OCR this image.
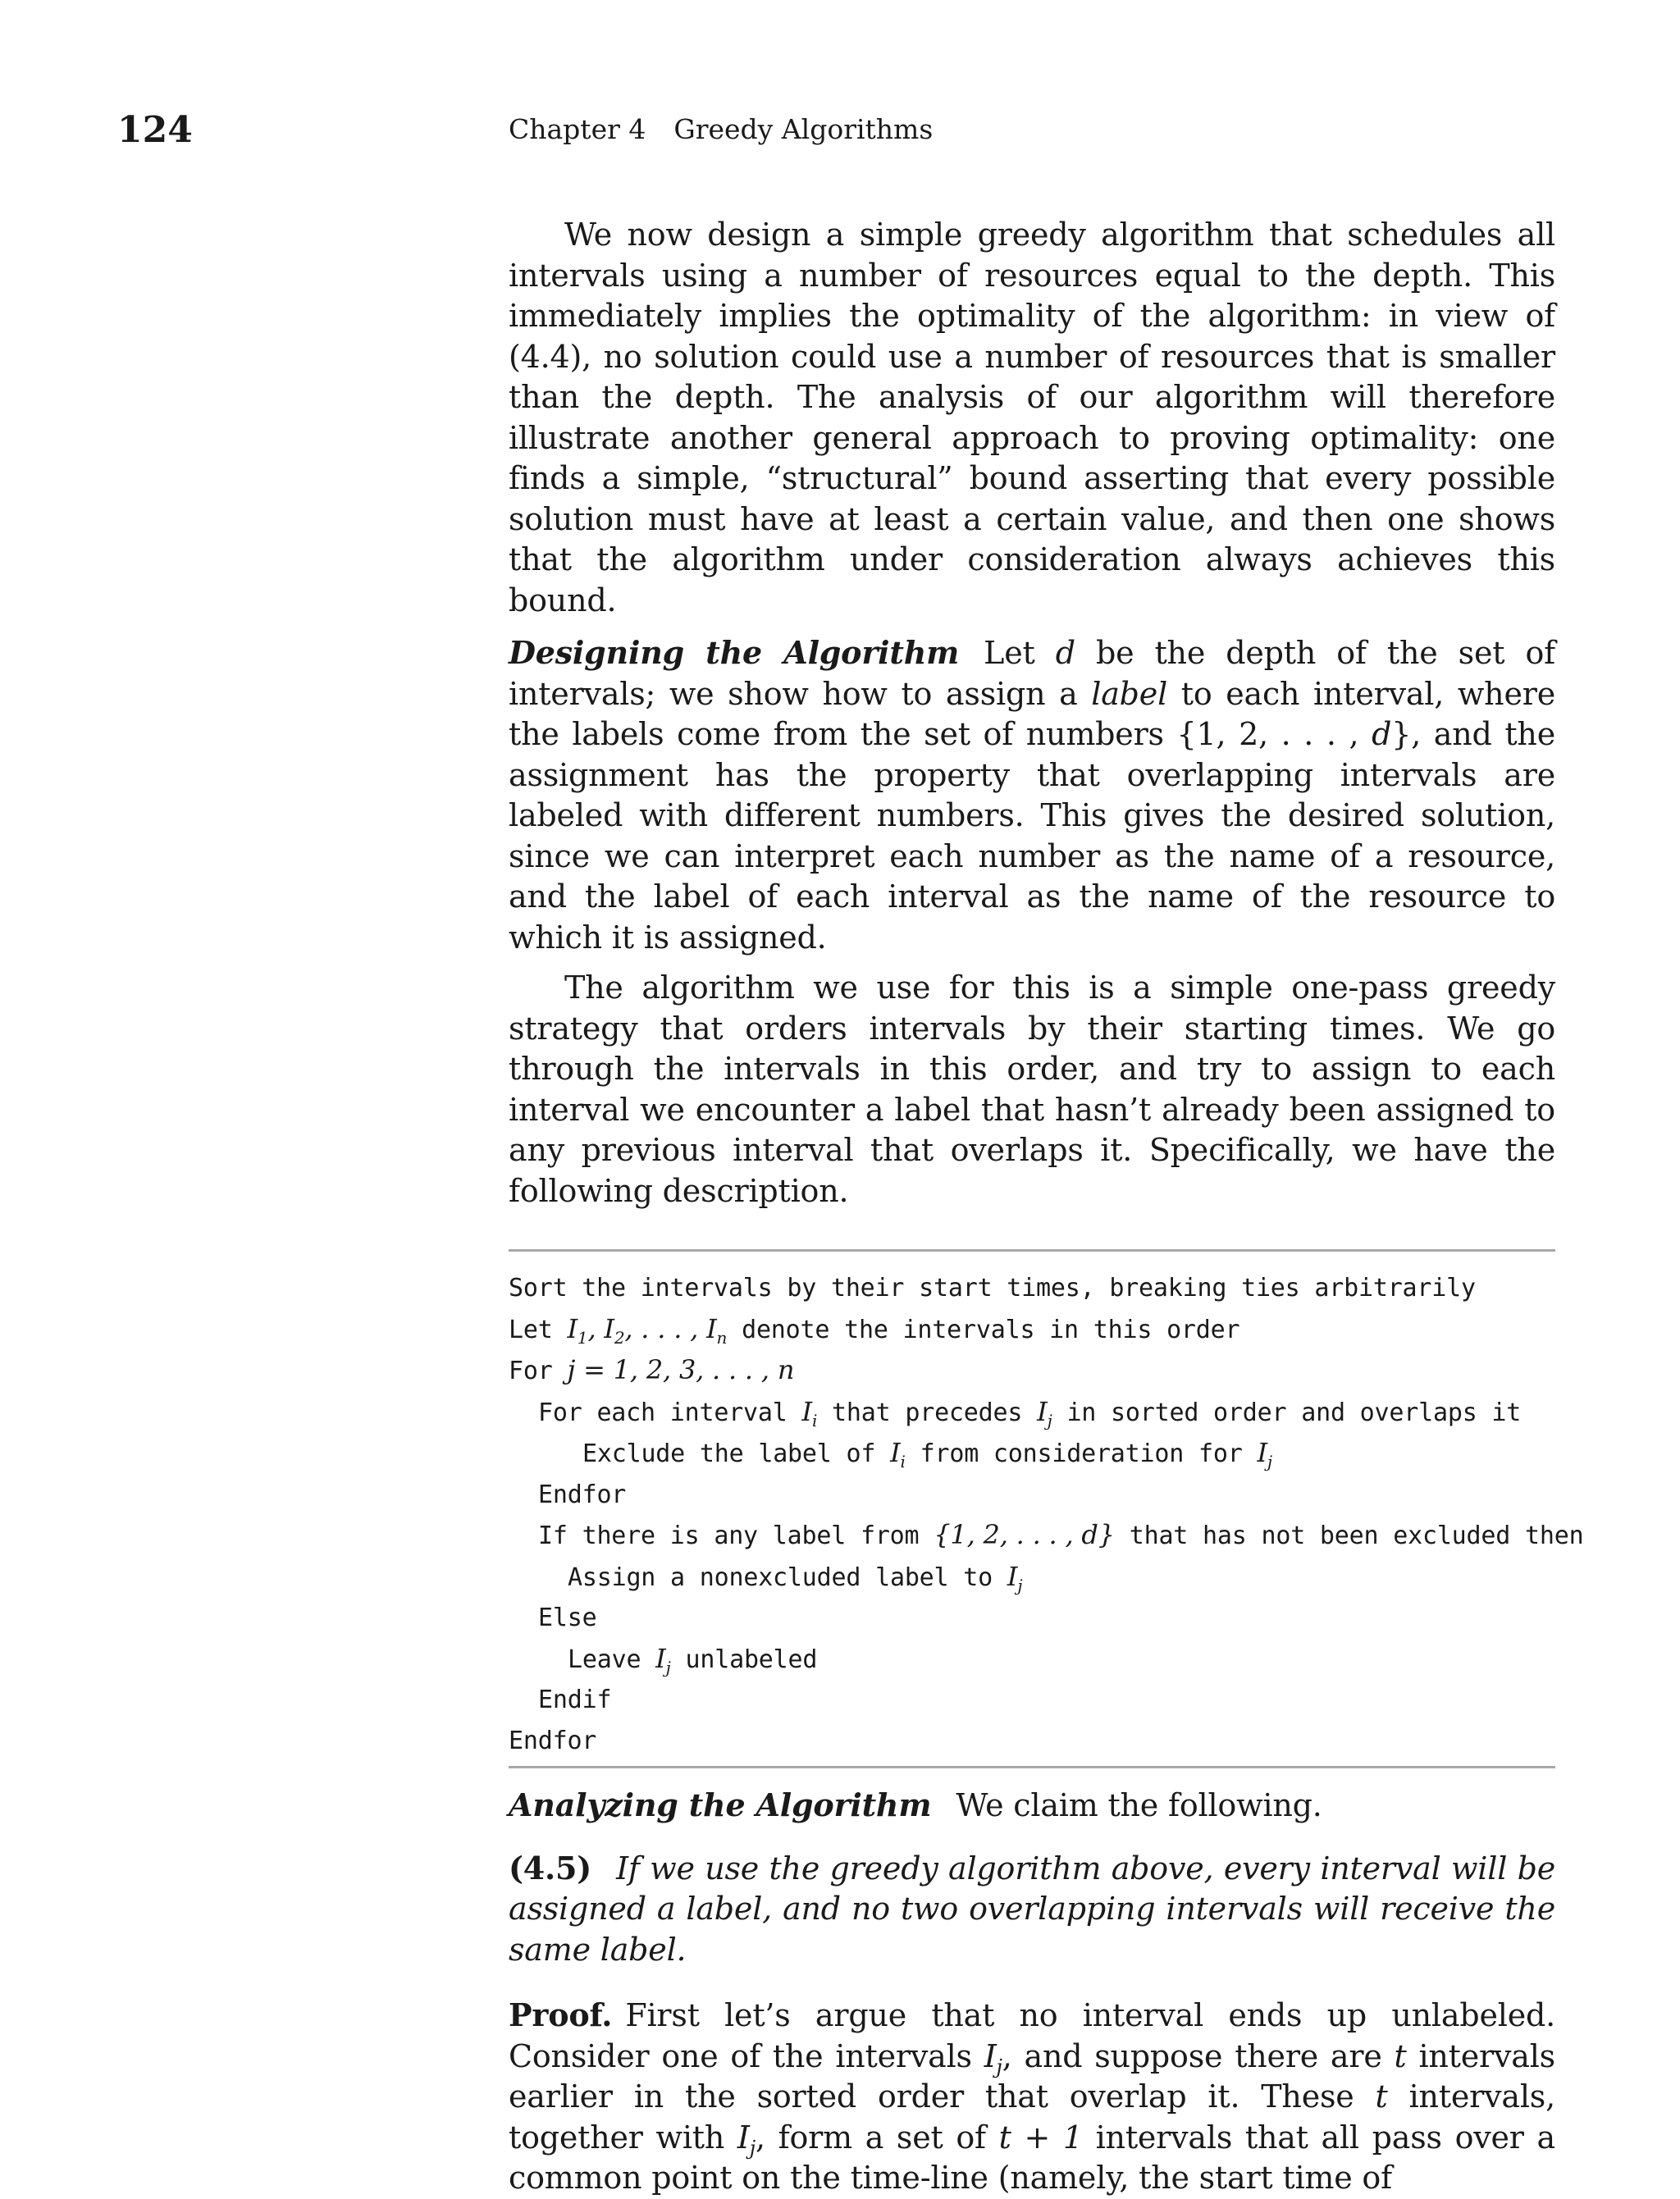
124	Chapter 4 Greedy Algorithms

We now design a simple greedy algorithm that schedules all intervals using a number of resources equal to the depth. This immediately implies the optimality of the algorithm: in view of (4.4), no solution could use a number of resources that is smaller than the depth. The analysis of our algorithm will therefore illustrate another general approach to proving optimality: one finds a simple, “structural” bound asserting that every possible solution must have at least a certain value, and then one shows that the algorithm under consideration always achieves this bound.

Designing the Algorithm Let d be the depth of the set of intervals; we show how to assign a label to each interval, where the labels come from the set of numbers {1, 2, . . . , d}, and the assignment has the property that overlapping intervals are labeled with different numbers. This gives the desired solution, since we can interpret each number as the name of a resource, and the label of each interval as the name of the resource to which it is assigned.

The algorithm we use for this is a simple one-pass greedy strategy that orders intervals by their starting times. We go through the intervals in this order, and try to assign to each interval we encounter a label that hasn’t already been assigned to any previous interval that overlaps it. Specifically, we have the following description.

Sort the intervals by their start times, breaking ties arbitrarily
Let $I_1$, $I_2$, . . . , $I_n$ denote the intervals in this order
For j = 1, 2, 3, . . . , n
For each interval $I_i$ that precedes $I_j$ in sorted order and overlaps it
Exclude the label of $I_i$ from consideration for $I_j$
Endfor
If there is any label from {1, 2, . . . , d} that has not been excluded then
Assign a nonexcluded label to $I_j$
Else
Leave $I_j$ unlabeled
Endif
Endfor

Analyzing the Algorithm We claim the following.

(4.5) If we use the greedy algorithm above, every interval will be assigned a label, and no two overlapping intervals will receive the same label.

Proof. First let’s argue that no interval ends up unlabeled. Consider one of the intervals $I_j$, and suppose there are t intervals earlier in the sorted order that overlap it. These t intervals, together with $I_j$, form a set of t + 1 intervals that all pass over a common point on the time-line (namely, the start time of
